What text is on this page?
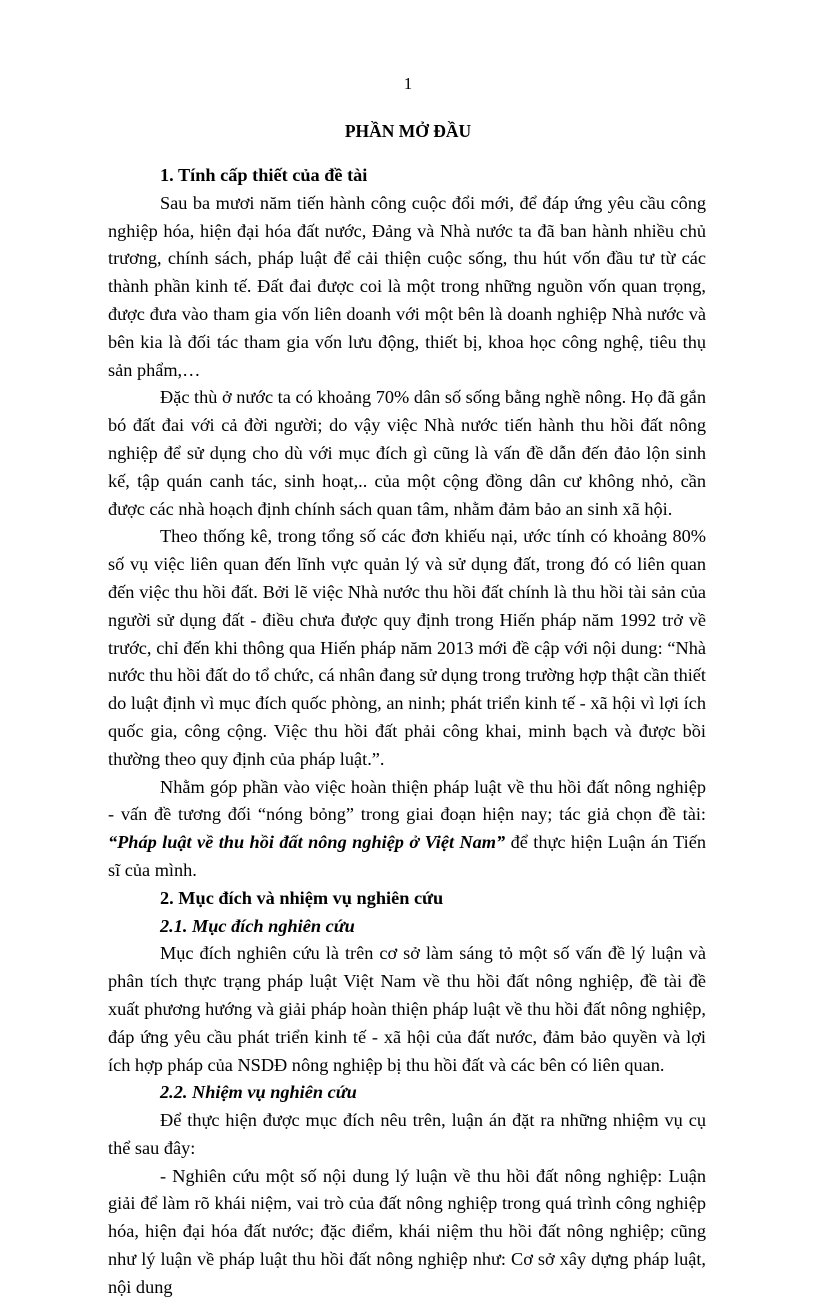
1
PHẦN MỞ ĐẦU
1. Tính cấp thiết của đề tài

Sau ba mươi năm tiến hành công cuộc đổi mới, để đáp ứng yêu cầu công nghiệp hóa, hiện đại hóa đất nước, Đảng và Nhà nước ta đã ban hành nhiều chủ trương, chính sách, pháp luật để cải thiện cuộc sống, thu hút vốn đầu tư từ các thành phần kinh tế. Đất đai được coi là một trong những nguồn vốn quan trọng, được đưa vào tham gia vốn liên doanh với một bên là doanh nghiệp Nhà nước và bên kia là đối tác tham gia vốn lưu động, thiết bị, khoa học công nghệ, tiêu thụ sản phẩm,…

Đặc thù ở nước ta có khoảng 70% dân số sống bằng nghề nông. Họ đã gắn bó đất đai với cả đời người; do vậy việc Nhà nước tiến hành thu hồi đất nông nghiệp để sử dụng cho dù với mục đích gì cũng là vấn đề dẫn đến đảo lộn sinh kế, tập quán canh tác, sinh hoạt,.. của một cộng đồng dân cư không nhỏ, cần được các nhà hoạch định chính sách quan tâm, nhằm đảm bảo an sinh xã hội.

Theo thống kê, trong tổng số các đơn khiếu nại, ước tính có khoảng 80% số vụ việc liên quan đến lĩnh vực quản lý và sử dụng đất, trong đó có liên quan đến việc thu hồi đất. Bởi lẽ việc Nhà nước thu hồi đất chính là thu hồi tài sản của người sử dụng đất - điều chưa được quy định trong Hiến pháp năm 1992 trở về trước, chỉ đến khi thông qua Hiến pháp năm 2013 mới đề cập với nội dung: “Nhà nước thu hồi đất do tổ chức, cá nhân đang sử dụng trong trường hợp thật cần thiết do luật định vì mục đích quốc phòng, an ninh; phát triển kinh tế - xã hội vì lợi ích quốc gia, công cộng. Việc thu hồi đất phải công khai, minh bạch và được bồi thường theo quy định của pháp luật.”.

Nhằm góp phần vào việc hoàn thiện pháp luật về thu hồi đất nông nghiệp - vấn đề tương đối “nóng bỏng” trong giai đoạn hiện nay; tác giả chọn đề tài: “Pháp luật về thu hồi đất nông nghiệp ở Việt Nam” để thực hiện Luận án Tiến sĩ của mình.

2. Mục đích và nhiệm vụ nghiên cứu
2.1. Mục đích nghiên cứu

Mục đích nghiên cứu là trên cơ sở làm sáng tỏ một số vấn đề lý luận và phân tích thực trạng pháp luật Việt Nam về thu hồi đất nông nghiệp, đề tài đề xuất phương hướng và giải pháp hoàn thiện pháp luật về thu hồi đất nông nghiệp, đáp ứng yêu cầu phát triển kinh tế - xã hội của đất nước, đảm bảo quyền và lợi ích hợp pháp của NSDĐ nông nghiệp bị thu hồi đất và các bên có liên quan.

2.2. Nhiệm vụ nghiên cứu

Để thực hiện được mục đích nêu trên, luận án đặt ra những nhiệm vụ cụ thể sau đây:

- Nghiên cứu một số nội dung lý luận về thu hồi đất nông nghiệp: Luận giải để làm rõ khái niệm, vai trò của đất nông nghiệp trong quá trình công nghiệp hóa, hiện đại hóa đất nước; đặc điểm, khái niệm thu hồi đất nông nghiệp; cũng như lý luận về pháp luật thu hồi đất nông nghiệp như: Cơ sở xây dựng pháp luật, nội dung
